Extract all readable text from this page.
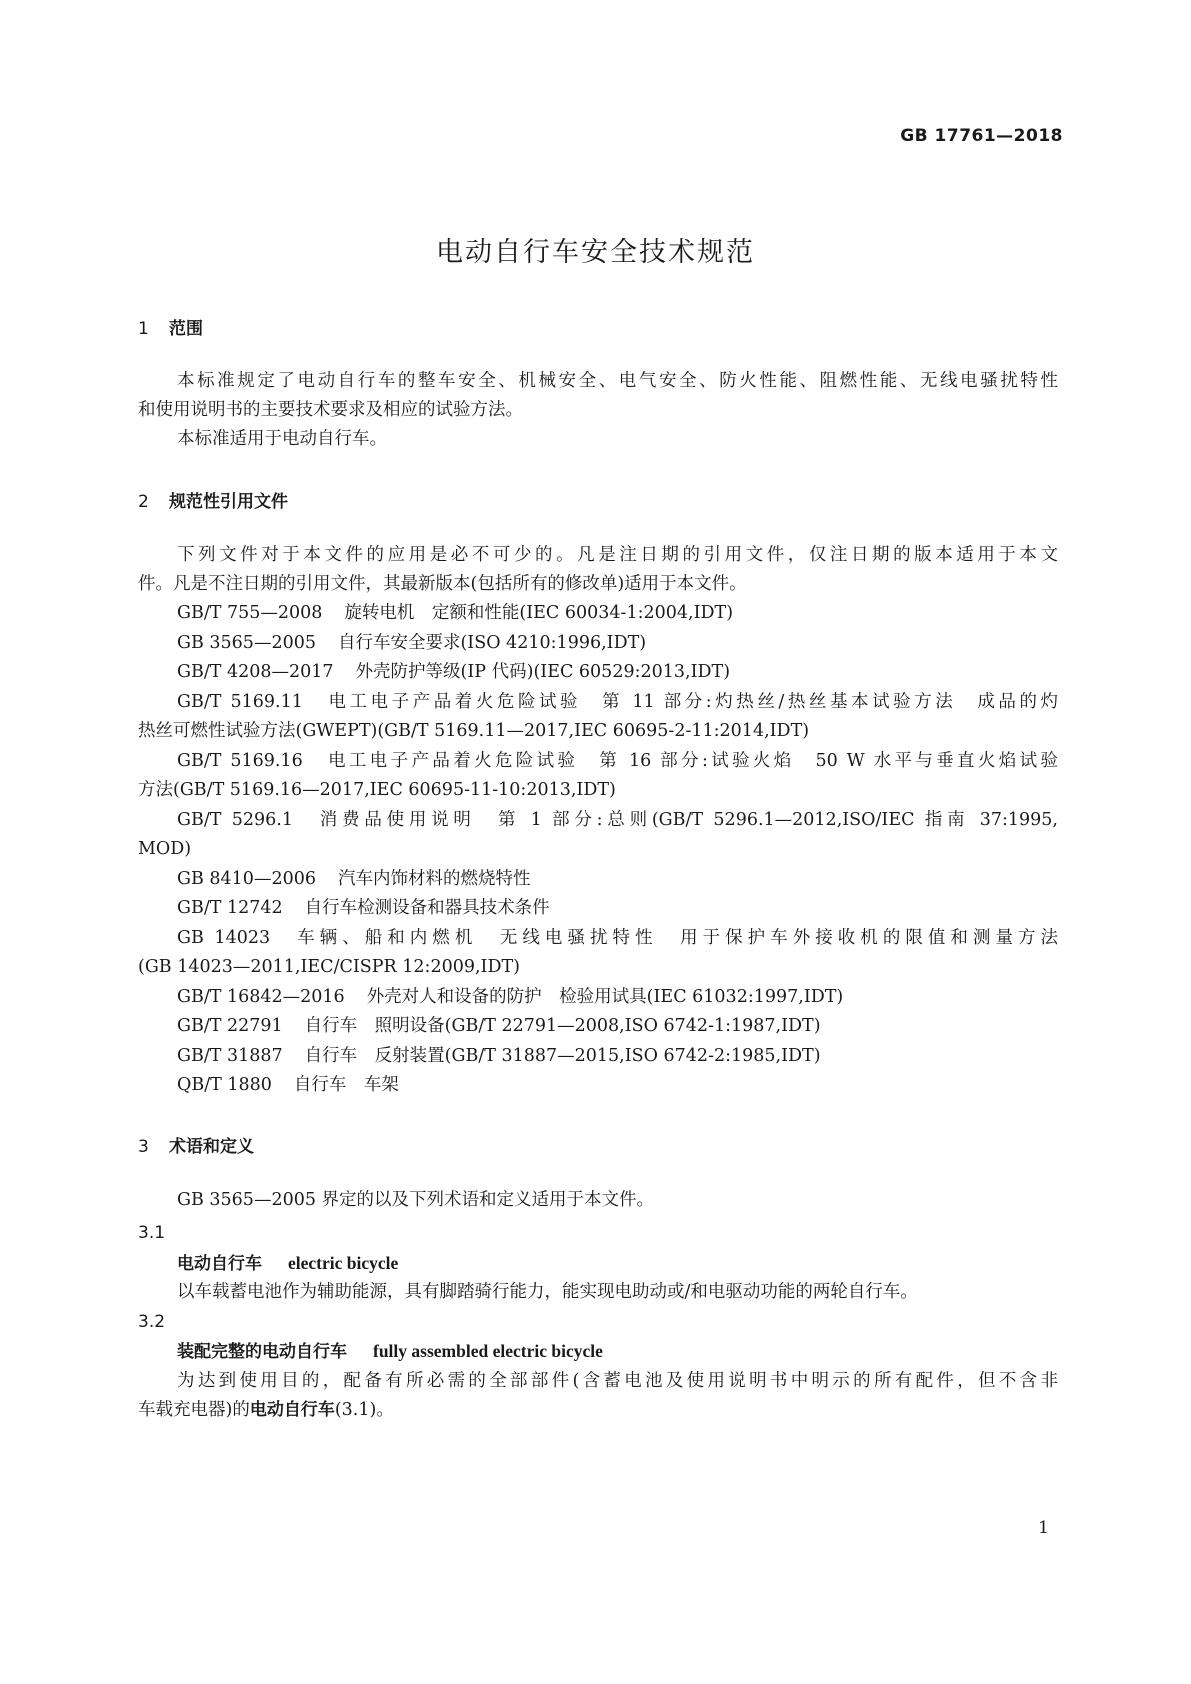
GB 17761—2018
电动自行车安全技术规范
1 范围
本标准规定了电动自行车的整车安全、机械安全、电气安全、防火性能、阻燃性能、无线电骚扰特性
和使用说明书的主要技术要求及相应的试验方法。
本标准适用于电动自行车。
2 规范性引用文件
下列文件对于本文件的应用是必不可少的。凡是注日期的引用文件，仅注日期的版本适用于本文
件。凡是不注日期的引用文件，其最新版本(包括所有的修改单)适用于本文件。
GB/T 755—2008 旋转电机　定额和性能(IEC 60034-1:2004,IDT)
GB 3565—2005 自行车安全要求(ISO 4210:1996,IDT)
GB/T 4208—2017 外壳防护等级(IP 代码)(IEC 60529:2013,IDT)
GB/T 5169.11 电工电子产品着火危险试验　第 11 部分:灼热丝/热丝基本试验方法　成品的灼
热丝可燃性试验方法(GWEPT)(GB/T 5169.11—2017,IEC 60695-2-11:2014,IDT)
GB/T 5169.16 电工电子产品着火危险试验　第 16 部分:试验火焰　50 W 水平与垂直火焰试验
方法(GB/T 5169.16—2017,IEC 60695-11-10:2013,IDT)
GB/T 5296.1 消费品使用说明　第 1 部分:总则(GB/T 5296.1—2012,ISO/IEC 指南 37:1995,
MOD)
GB 8410—2006 汽车内饰材料的燃烧特性
GB/T 12742 自行车检测设备和器具技术条件
GB 14023 车辆、船和内燃机　无线电骚扰特性　用于保护车外接收机的限值和测量方法
(GB 14023—2011,IEC/CISPR 12:2009,IDT)
GB/T 16842—2016 外壳对人和设备的防护　检验用试具(IEC 61032:1997,IDT)
GB/T 22791 自行车　照明设备(GB/T 22791—2008,ISO 6742-1:1987,IDT)
GB/T 31887 自行车　反射装置(GB/T 31887—2015,ISO 6742-2:1985,IDT)
QB/T 1880 自行车　车架
3 术语和定义
GB 3565—2005 界定的以及下列术语和定义适用于本文件。
3.1
电动自行车 electric bicycle
以车载蓄电池作为辅助能源，具有脚踏骑行能力，能实现电助动或/和电驱动功能的两轮自行车。
3.2
装配完整的电动自行车 fully assembled electric bicycle
为达到使用目的，配备有所必需的全部部件(含蓄电池及使用说明书中明示的所有配件，但不含非
车载充电器)的电动自行车(3.1)。
1
